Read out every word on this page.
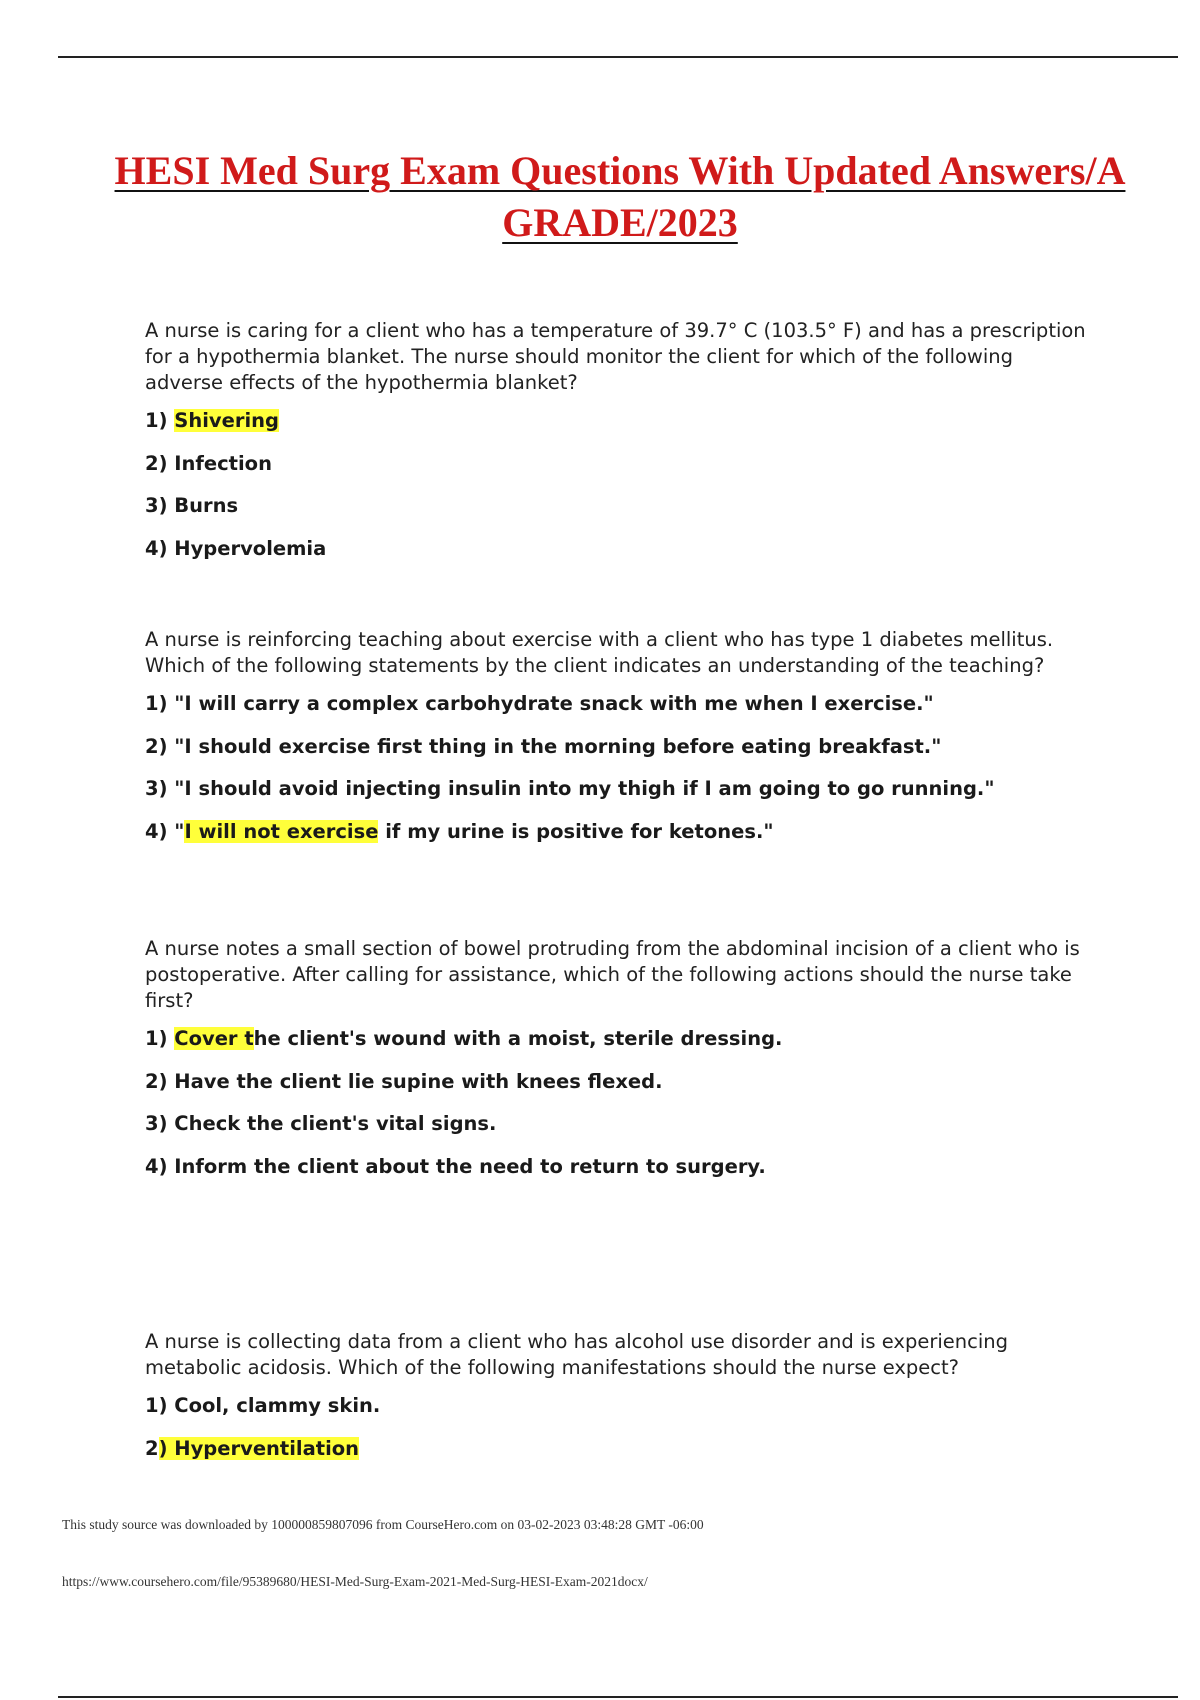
HESI Med Surg Exam Questions With Updated Answers/A GRADE/2023

A nurse is caring for a client who has a temperature of 39.7° C (103.5° F) and has a prescription for a hypothermia blanket. The nurse should monitor the client for which of the following adverse effects of the hypothermia blanket?

1) Shivering
2) Infection
3) Burns
4) Hypervolemia

A nurse is reinforcing teaching about exercise with a client who has type 1 diabetes mellitus. Which of the following statements by the client indicates an understanding of the teaching?

1) "I will carry a complex carbohydrate snack with me when I exercise."
2) "I should exercise first thing in the morning before eating breakfast."
3) "I should avoid injecting insulin into my thigh if I am going to go running."
4) "I will not exercise if my urine is positive for ketones."

A nurse notes a small section of bowel protruding from the abdominal incision of a client who is postoperative. After calling for assistance, which of the following actions should the nurse take first?

1) Cover the client's wound with a moist, sterile dressing.
2) Have the client lie supine with knees flexed.
3) Check the client's vital signs.
4) Inform the client about the need to return to surgery.

A nurse is collecting data from a client who has alcohol use disorder and is experiencing metabolic acidosis. Which of the following manifestations should the nurse expect?

1) Cool, clammy skin.
2) Hyperventilation
This study source was downloaded by 100000859807096 from CourseHero.com on 03-02-2023 03:48:28 GMT -06:00
https://www.coursehero.com/file/95389680/HESI-Med-Surg-Exam-2021-Med-Surg-HESI-Exam-2021docx/
